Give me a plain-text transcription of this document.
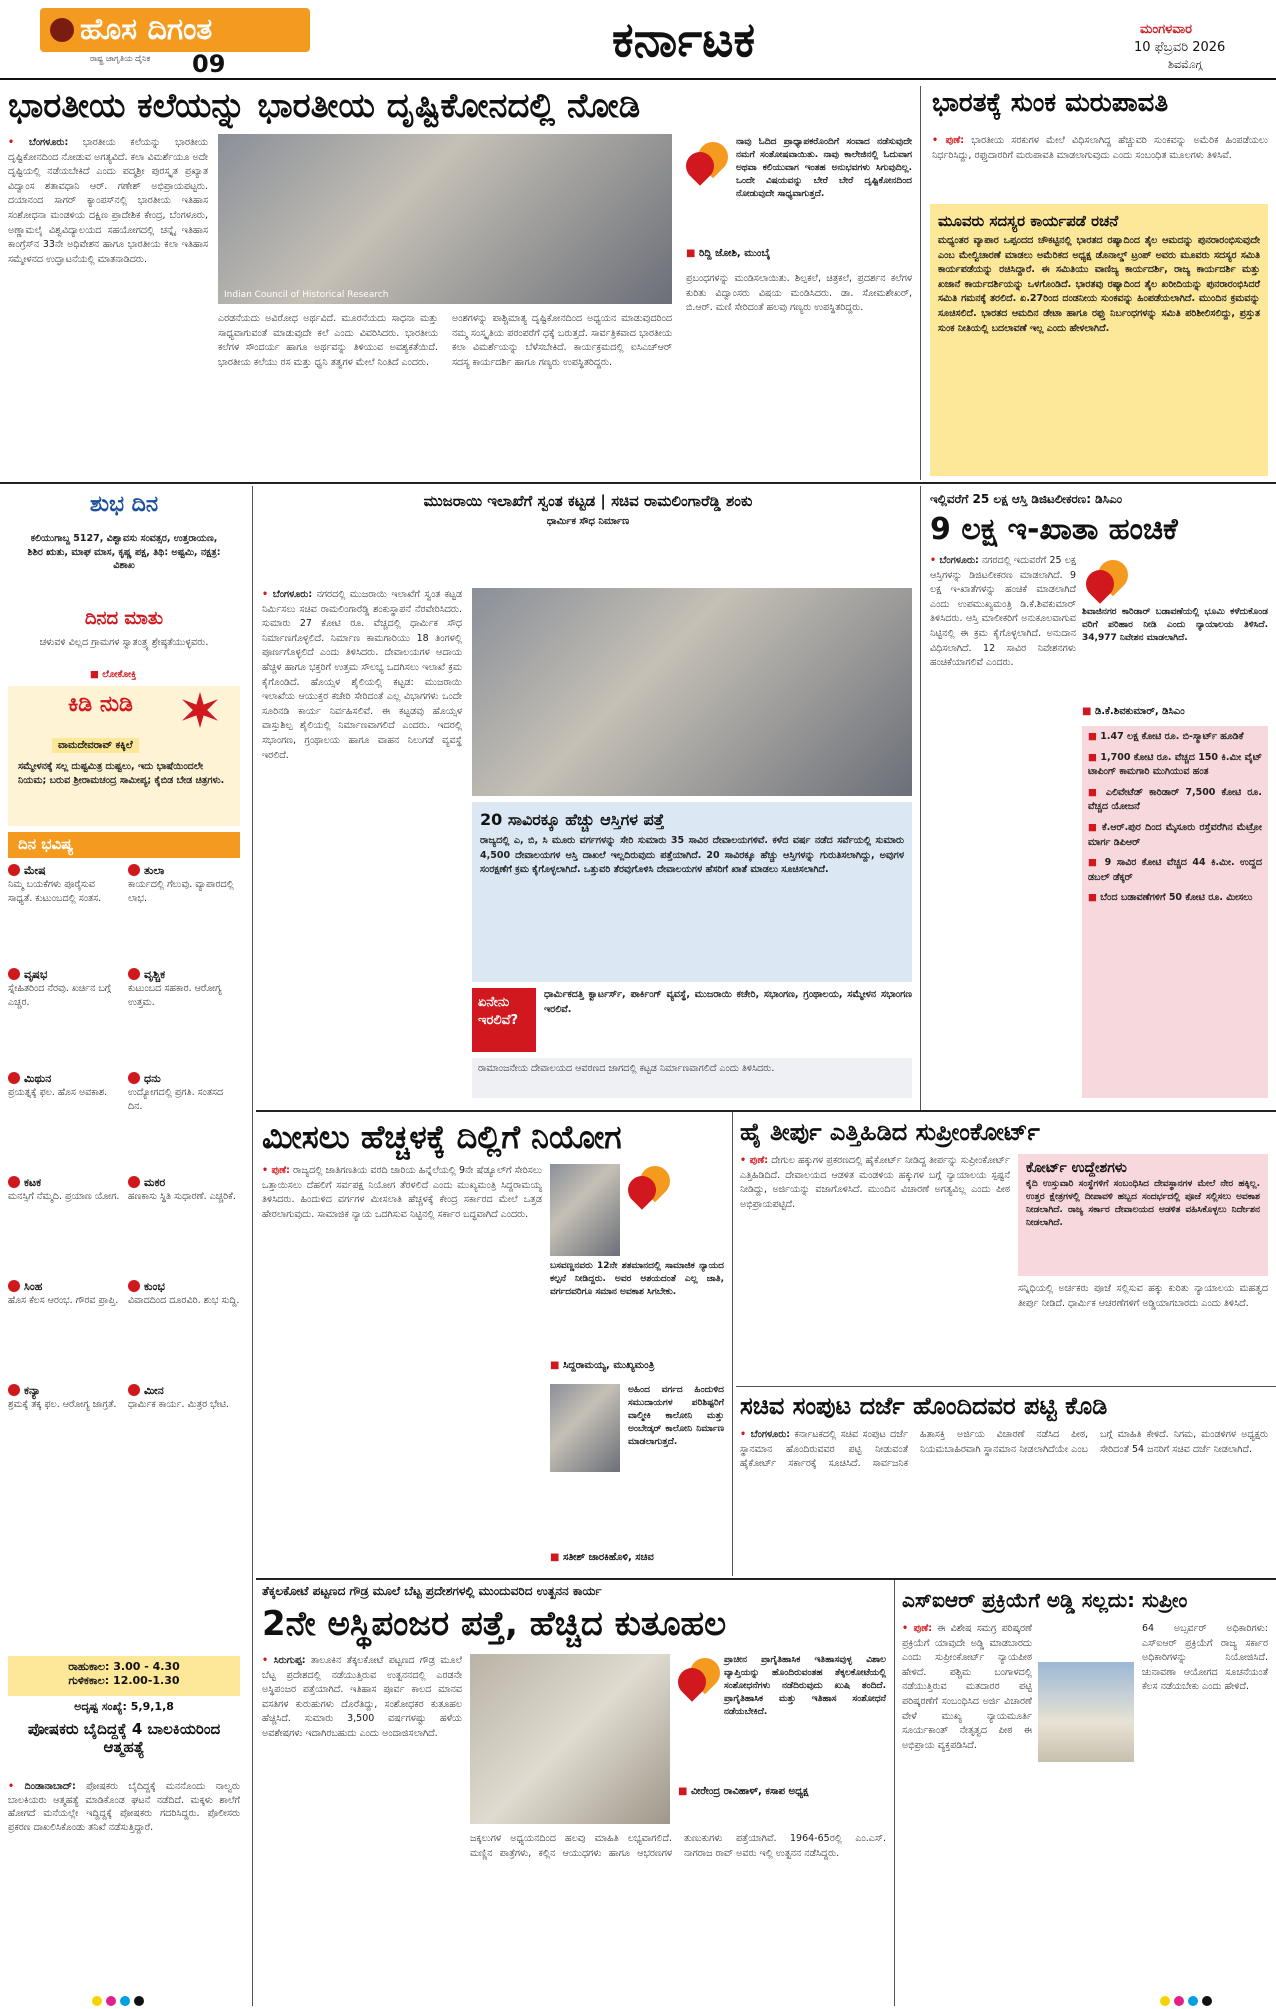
ಹೊಸ ದಿಗಂತ
ರಾಷ್ಟ್ರ ಜಾಗೃತಿಯ ದೈನಿಕ 09	ಕರ್ನಾಟಕ	ಮಂಗಳವಾರ
10 ಫೆಬ್ರವರಿ 2026
ಶಿವಮೊಗ್ಗ
ಭಾರತೀಯ ಕಲೆಯನ್ನು ಭಾರತೀಯ ದೃಷ್ಟಿಕೋನದಲ್ಲಿ ನೋಡಿ
• ಬೆಂಗಳೂರು: ಭಾರತೀಯ ಕಲೆಯನ್ನು ಭಾರತೀಯ ದೃಷ್ಟಿಕೋನದಿಂದ ನೋಡುವ ಅಗತ್ಯವಿದೆ. ಕಲಾ ವಿಮರ್ಶೆಯೂ ಅದೇ ದೃಷ್ಟಿಯಲ್ಲಿ ನಡೆಯಬೇಕಿದೆ ಎಂದು ಪದ್ಮಶ್ರೀ ಪುರಸ್ಕೃತ ಪ್ರಖ್ಯಾತ ವಿದ್ವಾಂಸ ಶತಾವಧಾನಿ ಆರ್. ಗಣೇಶ್ ಅಭಿಪ್ರಾಯಪಟ್ಟರು. ದಯಾನಂದ ಸಾಗರ್ ಕ್ಯಾಂಪಸ್‌ನಲ್ಲಿ ಭಾರತೀಯ ಇತಿಹಾಸ ಸಂಶೋಧನಾ ಮಂಡಳಿಯ ದಕ್ಷಿಣ ಪ್ರಾದೇಶಿಕ ಕೇಂದ್ರ, ಬೆಂಗಳೂರು, ಅಣ್ಣಾಮಲೈ ವಿಶ್ವವಿದ್ಯಾಲಯದ ಸಹಯೋಗದಲ್ಲಿ ಚನ್ನೈ ಇತಿಹಾಸ ಕಾಂಗ್ರೆಸ್‌ನ 33ನೇ ಅಧಿವೇಶನ ಹಾಗೂ ಭಾರತೀಯ ಕಲಾ ಇತಿಹಾಸ ಸಮ್ಮೇಳನದ ಉದ್ಘಾಟನೆಯಲ್ಲಿ ಮಾತನಾಡಿದರು.
Indian Council of Historical Research
ಎರಡನೆಯದು ಅವಿರೋಧ ಅರ್ಥವಿದೆ. ಮೂರನೆಯದು ಸಾಧನಾ ಮತ್ತು ಸಾಧ್ಯವಾಗುವಂತೆ ಮಾಡುವುದೇ ಕಲೆ ಎಂದು ವಿವರಿಸಿದರು. ಭಾರತೀಯ ಕಲೆಗಳ ಸೌಂದರ್ಯ ಹಾಗೂ ಅರ್ಥವನ್ನು ತಿಳಿಯುವ ಅವಶ್ಯಕತೆಯಿದೆ. ಭಾರತೀಯ ಕಲೆಯು ರಸ ಮತ್ತು ಧ್ವನಿ ತತ್ವಗಳ ಮೇಲೆ ನಿಂತಿದೆ ಎಂದರು.
ಅಂಶಗಳನ್ನು ಪಾಶ್ಚಿಮಾತ್ಯ ದೃಷ್ಟಿಕೋನದಿಂದ ಅಧ್ಯಯನ ಮಾಡುವುದರಿಂದ ನಮ್ಮ ಸಂಸ್ಕೃತಿಯ ಪರಂಪರೆಗೆ ಧಕ್ಕೆ ಬರುತ್ತದೆ. ಸಾರ್ವತ್ರಿಕವಾದ ಭಾರತೀಯ ಕಲಾ ವಿಮರ್ಶೆಯನ್ನು ಬೆಳೆಸಬೇಕಿದೆ. ಕಾರ್ಯಕ್ರಮದಲ್ಲಿ ಐಸಿಎಚ್‌ಆರ್ ಸದಸ್ಯ ಕಾರ್ಯದರ್ಶಿ ಹಾಗೂ ಗಣ್ಯರು ಉಪಸ್ಥಿತರಿದ್ದರು.
ನಾವು ಓದಿದ ಪ್ರಾಧ್ಯಾಪಕರೊಂದಿಗೆ ಸಂವಾದ ನಡೆಸುವುದೇ ನಮಗೆ ಸಂತೋಷವಾಯಿತು. ನಾವು ಕಾಲೇಜಿನಲ್ಲಿ ಓದುವಾಗ ಅಥವಾ ಕಲಿಯುವಾಗ ಇಂತಹ ಅನುಭವಗಳು ಸಿಗುವುದಿಲ್ಲ. ಒಂದೇ ವಿಷಯವನ್ನು ಬೇರೆ ಬೇರೆ ದೃಷ್ಟಿಕೋನದಿಂದ ನೋಡುವುದೇ ಸಾಧ್ಯವಾಗುತ್ತದೆ.
■ ರಿದ್ದಿ ಜೋಶಿ, ಮುಂಬೈ
ಪ್ರಬಂಧಗಳನ್ನು ಮಂಡಿಸಲಾಯಿತು. ಶಿಲ್ಪಕಲೆ, ಚಿತ್ರಕಲೆ, ಪ್ರದರ್ಶನ ಕಲೆಗಳ ಕುರಿತು ವಿದ್ವಾಂಸರು ವಿಷಯ ಮಂಡಿಸಿದರು. ಡಾ. ಸೋಮಶೇಖರ್, ಬಿ.ಆರ್. ಮಣಿ ಸೇರಿದಂತೆ ಹಲವು ಗಣ್ಯರು ಉಪಸ್ಥಿತರಿದ್ದರು.
ಭಾರತಕ್ಕೆ ಸುಂಕ ಮರುಪಾವತಿ
• ಪುಣೆ: ಭಾರತೀಯ ಸರಕುಗಳ ಮೇಲೆ ವಿಧಿಸಲಾಗಿದ್ದ ಹೆಚ್ಚುವರಿ ಸುಂಕವನ್ನು ಅಮೆರಿಕ ಹಿಂಪಡೆಯಲು ನಿರ್ಧರಿಸಿದ್ದು, ರಫ್ತುದಾರರಿಗೆ ಮರುಪಾವತಿ ಮಾಡಲಾಗುವುದು ಎಂದು ಸಂಬಂಧಿತ ಮೂಲಗಳು ತಿಳಿಸಿವೆ.
ಮೂವರು ಸದಸ್ಯರ ಕಾರ್ಯಪಡೆ ರಚನೆ
ಮಧ್ಯಂತರ ವ್ಯಾಪಾರ ಒಪ್ಪಂದದ ಚೌಕಟ್ಟಿನಲ್ಲಿ ಭಾರತದ ರಷ್ಯಾದಿಂದ ತೈಲ ಆಮದನ್ನು ಪುನರಾರಂಭಿಸುವುದೇ ಎಂಬ ಮೇಲ್ವಿಚಾರಣೆ ಮಾಡಲು ಅಮೆರಿಕದ ಅಧ್ಯಕ್ಷ ಡೊನಾಲ್ಡ್ ಟ್ರಂಪ್ ಅವರು ಮೂವರು ಸದಸ್ಯರ ಸಮಿತಿ ಕಾರ್ಯಪಡೆಯನ್ನು ರಚಿಸಿದ್ದಾರೆ. ಈ ಸಮಿತಿಯು ವಾಣಿಜ್ಯ ಕಾರ್ಯದರ್ಶಿ, ರಾಜ್ಯ ಕಾರ್ಯದರ್ಶಿ ಮತ್ತು ಖಜಾನೆ ಕಾರ್ಯದರ್ಶಿಯನ್ನು ಒಳಗೊಂಡಿದೆ. ಭಾರತವು ರಷ್ಯಾದಿಂದ ತೈಲ ಖರೀದಿಯನ್ನು ಪುನರಾರಂಭಿಸಿದರೆ ಸಮಿತಿ ಗಮನಕ್ಕೆ ತರಲಿದೆ. ಏ.27ರಿಂದ ದಂಡನೀಯ ಸುಂಕವನ್ನು ಹಿಂಪಡೆಯಲಾಗಿದೆ. ಮುಂದಿನ ಕ್ರಮವನ್ನು ಸೂಚಿಸಲಿದೆ. ಭಾರತದ ಆಮದಿನ ಡೇಟಾ ಹಾಗೂ ರಫ್ತು ನಿರ್ಬಂಧಗಳನ್ನು ಸಮಿತಿ ಪರಿಶೀಲಿಸಲಿದ್ದು, ಪ್ರಸ್ತುತ ಸುಂಕ ನೀತಿಯಲ್ಲಿ ಬದಲಾವಣೆ ಇಲ್ಲ ಎಂದು ಹೇಳಲಾಗಿದೆ.
ಶುಭ ದಿನ
ಕಲಿಯುಗಾಬ್ದ 5127, ವಿಶ್ವಾವಸು ಸಂವತ್ಸರ, ಉತ್ತರಾಯಣ, ಶಿಶಿರ ಋತು, ಮಾಘ ಮಾಸ, ಕೃಷ್ಣ ಪಕ್ಷ, ತಿಥಿ: ಅಷ್ಟಮಿ, ನಕ್ಷತ್ರ: ವಿಶಾಖ
ದಿನದ ಮಾತು
ಚಳುವಳಿ ವಿಲ್ಲದ ಗ್ರಾಮಗಳ ಸ್ವಾತಂತ್ರ್ಯ ಶ್ರೇಷ್ಠತೆಯುಳ್ಳವರು.
■ ಲೋಕೋಕ್ತಿ
ಕಿಡಿ ನುಡಿ
ವಾಮದೇವರಾವ್ ಕಕ್ಕಿಲೆ
ಸಮ್ಮೇಳನಕ್ಕೆ ಸಲ್ಲ ದುಷ್ಟಮಿತ್ರ ದುಷ್ಟಲು, ಇದು ಭಾಷೆಯಿಂದಲೇ ನಿಯಮ; ಬರುವ ಶ್ರೀರಾಮಚಂದ್ರ ಸಾಮೀಪ್ಯ; ಕೈಬಿಡ ಬೇಡ ಚಿತ್ರಗಳು.
ದಿನ ಭವಿಷ್ಯ
ಮೇಷ
ನಿಮ್ಮ ಬಯಕೆಗಳು ಪೂರೈಸುವ ಸಾಧ್ಯತೆ. ಕುಟುಂಬದಲ್ಲಿ ಸಂತಸ.
ತುಲಾ
ಕಾರ್ಯದಲ್ಲಿ ಗೆಲುವು. ವ್ಯಾಪಾರದಲ್ಲಿ ಲಾಭ.
ವೃಷಭ
ಸ್ನೇಹಿತರಿಂದ ನೆರವು. ಖರ್ಚಿನ ಬಗ್ಗೆ ಎಚ್ಚರ.
ವೃಶ್ಚಿಕ
ಕುಟುಂಬದ ಸಹಕಾರ. ಆರೋಗ್ಯ ಉತ್ತಮ.
ಮಿಥುನ
ಪ್ರಯತ್ನಕ್ಕೆ ಫಲ. ಹೊಸ ಅವಕಾಶ.
ಧನು
ಉದ್ಯೋಗದಲ್ಲಿ ಪ್ರಗತಿ. ಸಂತಸದ ದಿನ.
ಕಟಕ
ಮನಸ್ಸಿಗೆ ನೆಮ್ಮದಿ. ಪ್ರಯಾಣ ಯೋಗ.
ಮಕರ
ಹಣಕಾಸು ಸ್ಥಿತಿ ಸುಧಾರಣೆ. ಎಚ್ಚರಿಕೆ.
ಸಿಂಹ
ಹೊಸ ಕೆಲಸ ಆರಂಭ. ಗೌರವ ಪ್ರಾಪ್ತಿ.
ಕುಂಭ
ವಿವಾದದಿಂದ ದೂರವಿರಿ. ಶುಭ ಸುದ್ದಿ.
ಕನ್ಯಾ
ಶ್ರಮಕ್ಕೆ ತಕ್ಕ ಫಲ. ಆರೋಗ್ಯ ಜಾಗ್ರತೆ.
ಮೀನ
ಧಾರ್ಮಿಕ ಕಾರ್ಯ. ಮಿತ್ರರ ಭೇಟಿ.
ರಾಹುಕಾಲ: 3.00 - 4.30
ಗುಳಿಕಕಾಲ: 12.00-1.30
ಅದೃಷ್ಟ ಸಂಖ್ಯೆ: 5,9,1,8
ಪೋಷಕರು ಬೈದಿದ್ದಕ್ಕೆ 4 ಬಾಲಕಿಯರಿಂದ ಆತ್ಮಹತ್ಯೆ
• ದಿಂಡಾನಾಬಾದ್: ಪೋಷಕರು ಬೈದಿದ್ದಕ್ಕೆ ಮನನೊಂದು ನಾಲ್ವರು ಬಾಲಕಿಯರು ಆತ್ಮಹತ್ಯೆ ಮಾಡಿಕೊಂಡ ಘಟನೆ ನಡೆದಿದೆ. ಮಕ್ಕಳು ಶಾಲೆಗೆ ಹೋಗದೆ ಮನೆಯಲ್ಲೇ ಇದ್ದಿದ್ದಕ್ಕೆ ಪೋಷಕರು ಗದರಿಸಿದ್ದರು. ಪೊಲೀಸರು ಪ್ರಕರಣ ದಾಖಲಿಸಿಕೊಂಡು ತನಿಖೆ ನಡೆಸುತ್ತಿದ್ದಾರೆ.
ಮುಜರಾಯಿ ಇಲಾಖೆಗೆ ಸ್ವಂತ ಕಟ್ಟಡ | ಸಚಿವ ರಾಮಲಿಂಗಾರೆಡ್ಡಿ ಶಂಕು
ಧಾರ್ಮಿಕ ಸೌಧ ನಿರ್ಮಾಣ
• ಬೆಂಗಳೂರು: ನಗರದಲ್ಲಿ ಮುಜರಾಯಿ ಇಲಾಖೆಗೆ ಸ್ವಂತ ಕಟ್ಟಡ ನಿರ್ಮಿಸಲು ಸಚಿವ ರಾಮಲಿಂಗಾರೆಡ್ಡಿ ಶಂಕುಸ್ಥಾಪನೆ ನೆರವೇರಿಸಿದರು. ಸುಮಾರು 27 ಕೋಟಿ ರೂ. ವೆಚ್ಚದಲ್ಲಿ ಧಾರ್ಮಿಕ ಸೌಧ ನಿರ್ಮಾಣಗೊಳ್ಳಲಿದೆ. ನಿರ್ಮಾಣ ಕಾಮಗಾರಿಯು 18 ತಿಂಗಳಲ್ಲಿ ಪೂರ್ಣಗೊಳ್ಳಲಿದೆ ಎಂದು ತಿಳಿಸಿದರು. ದೇವಾಲಯಗಳ ಆದಾಯ ಹೆಚ್ಚಳ ಹಾಗೂ ಭಕ್ತರಿಗೆ ಉತ್ತಮ ಸೌಲಭ್ಯ ಒದಗಿಸಲು ಇಲಾಖೆ ಕ್ರಮ ಕೈಗೊಂಡಿದೆ. ಹೊಯ್ಸಳ ಶೈಲಿಯಲ್ಲಿ ಕಟ್ಟಡ: ಮುಜರಾಯಿ ಇಲಾಖೆಯ ಆಯುಕ್ತರ ಕಚೇರಿ ಸೇರಿದಂತೆ ಎಲ್ಲ ವಿಭಾಗಗಳು ಒಂದೇ ಸೂರಿನಡಿ ಕಾರ್ಯ ನಿರ್ವಹಿಸಲಿವೆ. ಈ ಕಟ್ಟಡವು ಹೊಯ್ಸಳ ವಾಸ್ತುಶಿಲ್ಪ ಶೈಲಿಯಲ್ಲಿ ನಿರ್ಮಾಣವಾಗಲಿದೆ ಎಂದರು. ಇದರಲ್ಲಿ ಸಭಾಂಗಣ, ಗ್ರಂಥಾಲಯ ಹಾಗೂ ವಾಹನ ನಿಲುಗಡೆ ವ್ಯವಸ್ಥೆ ಇರಲಿದೆ.
20 ಸಾವಿರಕ್ಕೂ ಹೆಚ್ಚು ಆಸ್ತಿಗಳ ಪತ್ತೆ
ರಾಜ್ಯದಲ್ಲಿ ಎ, ಬಿ, ಸಿ ಮೂರು ವರ್ಗಗಳನ್ನು ಸೇರಿ ಸುಮಾರು 35 ಸಾವಿರ ದೇವಾಲಯಗಳಿವೆ. ಕಳೆದ ವರ್ಷ ನಡೆದ ಸರ್ವೆಯಲ್ಲಿ ಸುಮಾರು 4,500 ದೇವಾಲಯಗಳ ಆಸ್ತಿ ದಾಖಲೆ ಇಲ್ಲದಿರುವುದು ಪತ್ತೆಯಾಗಿದೆ. 20 ಸಾವಿರಕ್ಕೂ ಹೆಚ್ಚು ಆಸ್ತಿಗಳನ್ನು ಗುರುತಿಸಲಾಗಿದ್ದು, ಅವುಗಳ ಸಂರಕ್ಷಣೆಗೆ ಕ್ರಮ ಕೈಗೊಳ್ಳಲಾಗಿದೆ. ಒತ್ತುವರಿ ತೆರವುಗೊಳಿಸಿ ದೇವಾಲಯಗಳ ಹೆಸರಿಗೆ ಖಾತೆ ಮಾಡಲು ಸೂಚಿಸಲಾಗಿದೆ.
ಏನೇನು ಇರಲಿವೆ?
ಧಾರ್ಮಿಕದತ್ತಿ ಕ್ವಾರ್ಟರ್ಸ್, ಪಾರ್ಕಿಂಗ್ ವ್ಯವಸ್ಥೆ, ಮುಜರಾಯಿ ಕಚೇರಿ, ಸಭಾಂಗಣ, ಗ್ರಂಥಾಲಯ, ಸಮ್ಮೇಳನ ಸಭಾಂಗಣ ಇರಲಿವೆ.
ರಾಮಾಂಜನೇಯ ದೇವಾಲಯದ ಆವರಣದ ಜಾಗದಲ್ಲಿ ಕಟ್ಟಡ ನಿರ್ಮಾಣವಾಗಲಿದೆ ಎಂದು ತಿಳಿಸಿದರು.
ಇಲ್ಲಿವರೆಗೆ 25 ಲಕ್ಷ ಆಸ್ತಿ ಡಿಜಿಟಲೀಕರಣ: ಡಿಸಿಎಂ
9 ಲಕ್ಷ ಇ-ಖಾತಾ ಹಂಚಿಕೆ
• ಬೆಂಗಳೂರು: ನಗರದಲ್ಲಿ ಇದುವರೆಗೆ 25 ಲಕ್ಷ ಆಸ್ತಿಗಳನ್ನು ಡಿಜಿಟಲೀಕರಣ ಮಾಡಲಾಗಿದೆ. 9 ಲಕ್ಷ ಇ-ಖಾತೆಗಳನ್ನು ಹಂಚಿಕೆ ಮಾಡಲಾಗಿದೆ ಎಂದು ಉಪಮುಖ್ಯಮಂತ್ರಿ ಡಿ.ಕೆ.ಶಿವಕುಮಾರ್ ತಿಳಿಸಿದರು. ಆಸ್ತಿ ಮಾಲೀಕರಿಗೆ ಅನುಕೂಲವಾಗುವ ನಿಟ್ಟಿನಲ್ಲಿ ಈ ಕ್ರಮ ಕೈಗೊಳ್ಳಲಾಗಿದೆ. ಅನುದಾನ ವಿಧಿಸಲಾಗಿದೆ. 12 ಸಾವಿರ ನಿವೇಶನಗಳು ಹಂಚಿಕೆಯಾಗಲಿವೆ ಎಂದರು.
ಶಿವಾಜಿನಗರ ಕಾರಿಡಾರ್ ಬಡಾವಣೆಯಲ್ಲಿ ಭೂಮಿ ಕಳೆದುಕೊಂಡ ವರಿಗೆ ಪರಿಹಾರ ನೀಡಿ ಎಂದು ನ್ಯಾಯಾಲಯ ತಿಳಿಸಿದೆ. 34,977 ನಿವೇಶನ ಮಾಡಲಾಗಿದೆ.
■ ಡಿ.ಕೆ.ಶಿವಕುಮಾರ್, ಡಿಸಿಎಂ
■ 1.47 ಲಕ್ಷ ಕೋಟಿ ರೂ. ಬಿ-ಸ್ಮಾರ್ಟ್ ಹೂಡಿಕೆ
■ 1,700 ಕೋಟಿ ರೂ. ವೆಚ್ಚದ 150 ಕಿ.ಮೀ ವೈಟ್ ಟಾಪಿಂಗ್ ಕಾಮಗಾರಿ ಮುಗಿಯುವ ಹಂತ
■ ಎಲಿವೇಟೆಡ್ ಕಾರಿಡಾರ್ 7,500 ಕೋಟಿ ರೂ. ವೆಚ್ಚದ ಯೋಜನೆ
■ ಕೆ.ಆರ್.ಪುರ ದಿಂದ ಮೈಸೂರು ರಸ್ತೆವರೆಗಿನ ಮೆಟ್ರೋ ಮಾರ್ಗ ಡಿಪಿಆರ್
■ 9 ಸಾವಿರ ಕೋಟಿ ವೆಚ್ಚದ 44 ಕಿ.ಮೀ. ಉದ್ದದ ಡಬಲ್ ಡೆಕ್ಕರ್
■ ಬೆಂದ ಬಡಾವಣೆಗಳಿಗೆ 50 ಕೋಟಿ ರೂ. ಮೀಸಲು
ಮೀಸಲು ಹೆಚ್ಚಳಕ್ಕೆ ದಿಲ್ಲಿಗೆ ನಿಯೋಗ
• ಪುಣೆ: ರಾಜ್ಯದಲ್ಲಿ ಜಾತಿಗಣತಿಯ ವರದಿ ಜಾರಿಯ ಹಿನ್ನೆಲೆಯಲ್ಲಿ 9ನೇ ಷೆಡ್ಯೂಲ್‌ಗೆ ಸೇರಿಸಲು ಒತ್ತಾಯಿಸಲು ದೆಹಲಿಗೆ ಸರ್ವಪಕ್ಷ ನಿಯೋಗ ತೆರಳಲಿದೆ ಎಂದು ಮುಖ್ಯಮಂತ್ರಿ ಸಿದ್ದರಾಮಯ್ಯ ತಿಳಿಸಿದರು. ಹಿಂದುಳಿದ ವರ್ಗಗಳ ಮೀಸಲಾತಿ ಹೆಚ್ಚಳಕ್ಕೆ ಕೇಂದ್ರ ಸರ್ಕಾರದ ಮೇಲೆ ಒತ್ತಡ ಹೇರಲಾಗುವುದು. ಸಾಮಾಜಿಕ ನ್ಯಾಯ ಒದಗಿಸುವ ನಿಟ್ಟಿನಲ್ಲಿ ಸರ್ಕಾರ ಬದ್ಧವಾಗಿದೆ ಎಂದರು.
ಬಸವಣ್ಣನವರು 12ನೇ ಶತಮಾನದಲ್ಲಿ ಸಾಮಾಜಿಕ ನ್ಯಾಯದ ಕಲ್ಪನೆ ನೀಡಿದ್ದರು. ಅವರ ಆಶಯದಂತೆ ಎಲ್ಲ ಜಾತಿ, ವರ್ಗದವರಿಗೂ ಸಮಾನ ಅವಕಾಶ ಸಿಗಬೇಕು.
■ ಸಿದ್ದರಾಮಯ್ಯ, ಮುಖ್ಯಮಂತ್ರಿ
ಅಹಿಂದ ವರ್ಗದ ಹಿಂದುಳಿದ ಸಮುದಾಯಗಳ ಪರಿಶಿಷ್ಟರಿಗೆ ವಾಲ್ಮೀಕಿ ಕಾಲೋನಿ ಮತ್ತು ಅಂಬೇಡ್ಕರ್ ಕಾಲೋನಿ ನಿರ್ಮಾಣ ಮಾಡಲಾಗುತ್ತದೆ.
■ ಸತೀಶ್ ಜಾರಕಿಹೊಳಿ, ಸಚಿವ
ಹೈ ತೀರ್ಪು ಎತ್ತಿಹಿಡಿದ ಸುಪ್ರೀಂಕೋರ್ಟ್
• ಪುಣೆ: ದೇಗುಲ ಹಕ್ಕುಗಳ ಪ್ರಕರಣದಲ್ಲಿ ಹೈಕೋರ್ಟ್ ನೀಡಿದ್ದ ತೀರ್ಪನ್ನು ಸುಪ್ರೀಂಕೋರ್ಟ್ ಎತ್ತಿಹಿಡಿದಿದೆ. ದೇವಾಲಯದ ಆಡಳಿತ ಮಂಡಳಿಯ ಹಕ್ಕುಗಳ ಬಗ್ಗೆ ನ್ಯಾಯಾಲಯ ಸ್ಪಷ್ಟನೆ ನೀಡಿದ್ದು, ಅರ್ಜಿಯನ್ನು ವಜಾಗೊಳಿಸಿದೆ. ಮುಂದಿನ ವಿಚಾರಣೆ ಅಗತ್ಯವಿಲ್ಲ ಎಂದು ಪೀಠ ಅಭಿಪ್ರಾಯಪಟ್ಟಿದೆ.
ಕೋರ್ಟ್ ಉದ್ದೇಶಗಳು
ಕೈದಿ ಉಸ್ತುವಾರಿ ಸಂಸ್ಥೆಗಳಿಗೆ ಸಂಬಂಧಿಸಿದ ದೇವಸ್ಥಾನಗಳ ಮೇಲೆ ನೇರ ಹಕ್ಕಿಲ್ಲ. ಉತ್ತರ ಕ್ಷೇತ್ರಗಳಲ್ಲಿ ದೀಪಾವಳಿ ಹಬ್ಬದ ಸಂದರ್ಭದಲ್ಲಿ ಪೂಜೆ ಸಲ್ಲಿಸಲು ಅವಕಾಶ ನೀಡಲಾಗಿದೆ. ರಾಜ್ಯ ಸರ್ಕಾರ ದೇವಾಲಯದ ಆಡಳಿತ ವಹಿಸಿಕೊಳ್ಳಲು ನಿರ್ದೇಶನ ನೀಡಲಾಗಿದೆ.
ಸನ್ನಿಧಿಯಲ್ಲಿ ಅರ್ಚಕರು ಪೂಜೆ ಸಲ್ಲಿಸುವ ಹಕ್ಕು ಕುರಿತು ನ್ಯಾಯಾಲಯ ಮಹತ್ವದ ತೀರ್ಪು ನೀಡಿದೆ. ಧಾರ್ಮಿಕ ಆಚರಣೆಗಳಿಗೆ ಅಡ್ಡಿಯಾಗಬಾರದು ಎಂದು ತಿಳಿಸಿದೆ.
ಸಚಿವ ಸಂಪುಟ ದರ್ಜೆ ಹೊಂದಿದವರ ಪಟ್ಟಿ ಕೊಡಿ
• ಬೆಂಗಳೂರು: ಕರ್ನಾಟಕದಲ್ಲಿ ಸಚಿವ ಸಂಪುಟ ದರ್ಜೆ ಸ್ಥಾನಮಾನ ಹೊಂದಿರುವವರ ಪಟ್ಟಿ ನೀಡುವಂತೆ ಹೈಕೋರ್ಟ್ ಸರ್ಕಾರಕ್ಕೆ ಸೂಚಿಸಿದೆ. ಸಾರ್ವಜನಿಕ ಹಿತಾಸಕ್ತಿ ಅರ್ಜಿಯ ವಿಚಾರಣೆ ನಡೆಸಿದ ಪೀಠ, ನಿಯಮಬಾಹಿರವಾಗಿ ಸ್ಥಾನಮಾನ ನೀಡಲಾಗಿದೆಯೇ ಎಂಬ ಬಗ್ಗೆ ಮಾಹಿತಿ ಕೇಳಿದೆ. ನಿಗಮ, ಮಂಡಳಿಗಳ ಅಧ್ಯಕ್ಷರು ಸೇರಿದಂತೆ 54 ಜನರಿಗೆ ಸಚಿವ ದರ್ಜೆ ನೀಡಲಾಗಿದೆ.
ತೆಕ್ಕಲಕೋಟೆ ಪಟ್ಟಣದ ಗೌಡ್ರ ಮೂಲೆ ಬೆಟ್ಟ ಪ್ರದೇಶಗಳಲ್ಲಿ ಮುಂದುವರಿದ ಉತ್ಖನನ ಕಾರ್ಯ
2ನೇ ಅಸ್ಥಿಪಂಜರ ಪತ್ತೆ, ಹೆಚ್ಚಿದ ಕುತೂಹಲ
• ಸಿರುಗುಪ್ಪ: ತಾಲೂಕಿನ ತೆಕ್ಕಲಕೋಟೆ ಪಟ್ಟಣದ ಗೌಡ್ರ ಮೂಲೆ ಬೆಟ್ಟ ಪ್ರದೇಶದಲ್ಲಿ ನಡೆಯುತ್ತಿರುವ ಉತ್ಖನನದಲ್ಲಿ ಎರಡನೇ ಅಸ್ಥಿಪಂಜರ ಪತ್ತೆಯಾಗಿದೆ. ಇತಿಹಾಸ ಪೂರ್ವ ಕಾಲದ ಮಾನವ ವಸತಿಗಳ ಕುರುಹುಗಳು ದೊರೆತಿದ್ದು, ಸಂಶೋಧಕರ ಕುತೂಹಲ ಹೆಚ್ಚಿಸಿದೆ. ಸುಮಾರು 3,500 ವರ್ಷಗಳಷ್ಟು ಹಳೆಯ ಅವಶೇಷಗಳು ಇದಾಗಿರಬಹುದು ಎಂದು ಅಂದಾಜಿಸಲಾಗಿದೆ.
ಪ್ರಾಚೀನ ಪ್ರಾಗೈತಿಹಾಸಿಕ ಇತಿಹಾಸವುಳ್ಳ ವಿಶಾಲ ವ್ಯಾಪ್ತಿಯನ್ನು ಹೊಂದಿರುವಂತಹ ತೆಕ್ಕಲಕೋಟೆಯಲ್ಲಿ ಸಂಶೋಧನೆಗಳು ನಡೆದಿರುವುದು ಖುಷಿ ತಂದಿದೆ. ಪ್ರಾಗೈತಿಹಾಸಿಕ ಮತ್ತು ಇತಿಹಾಸ ಸಂಶೋಧನೆ ನಡೆಯಬೇಕಿದೆ.
■ ವೀರೇಂದ್ರ ರಾವಿಹಾಳ್, ಕಸಾಪ ಅಧ್ಯಕ್ಷ
ಜಕ್ಕಲುಗಳ ಅಧ್ಯಯನದಿಂದ ಹಲವು ಮಾಹಿತಿ ಲಭ್ಯವಾಗಲಿದೆ. ಮಣ್ಣಿನ ಪಾತ್ರೆಗಳು, ಕಲ್ಲಿನ ಆಯುಧಗಳು ಹಾಗೂ ಆಭರಣಗಳ ತುಣುಕುಗಳು ಪತ್ತೆಯಾಗಿವೆ. 1964-65ರಲ್ಲಿ ಎಂ.ಎಸ್. ನಾಗರಾಜ ರಾವ್ ಅವರು ಇಲ್ಲಿ ಉತ್ಖನನ ನಡೆಸಿದ್ದರು.
ಎಸ್ಐಆರ್ ಪ್ರಕ್ರಿಯೆಗೆ ಅಡ್ಡಿ ಸಲ್ಲದು: ಸುಪ್ರೀಂ
• ಪುಣೆ: ಈ ವಿಶೇಷ ಸಮಗ್ರ ಪರಿಷ್ಕರಣೆ ಪ್ರಕ್ರಿಯೆಗೆ ಯಾವುದೇ ಅಡ್ಡಿ ಮಾಡಬಾರದು ಎಂದು ಸುಪ್ರೀಂಕೋರ್ಟ್ ನ್ಯಾಯಪೀಠ ಹೇಳಿದೆ. ಪಶ್ಚಿಮ ಬಂಗಾಳದಲ್ಲಿ ನಡೆಯುತ್ತಿರುವ ಮತದಾರರ ಪಟ್ಟಿ ಪರಿಷ್ಕರಣೆಗೆ ಸಂಬಂಧಿಸಿದ ಅರ್ಜಿ ವಿಚಾರಣೆ ವೇಳೆ ಮುಖ್ಯ ನ್ಯಾಯಮೂರ್ತಿ ಸೂರ್ಯಕಾಂತ್ ನೇತೃತ್ವದ ಪೀಠ ಈ ಅಭಿಪ್ರಾಯ ವ್ಯಕ್ತಪಡಿಸಿದೆ.
64 ಅಬ್ಸರ್ವರ್ ಅಧಿಕಾರಿಗಳು: ಎಸ್ಐಆರ್ ಪ್ರಕ್ರಿಯೆಗೆ ರಾಜ್ಯ ಸರ್ಕಾರ ಅಧಿಕಾರಿಗಳನ್ನು ನಿಯೋಜಿಸಿದೆ. ಚುನಾವಣಾ ಆಯೋಗದ ಸೂಚನೆಯಂತೆ ಕೆಲಸ ನಡೆಯಬೇಕು ಎಂದು ಹೇಳಿದೆ.
